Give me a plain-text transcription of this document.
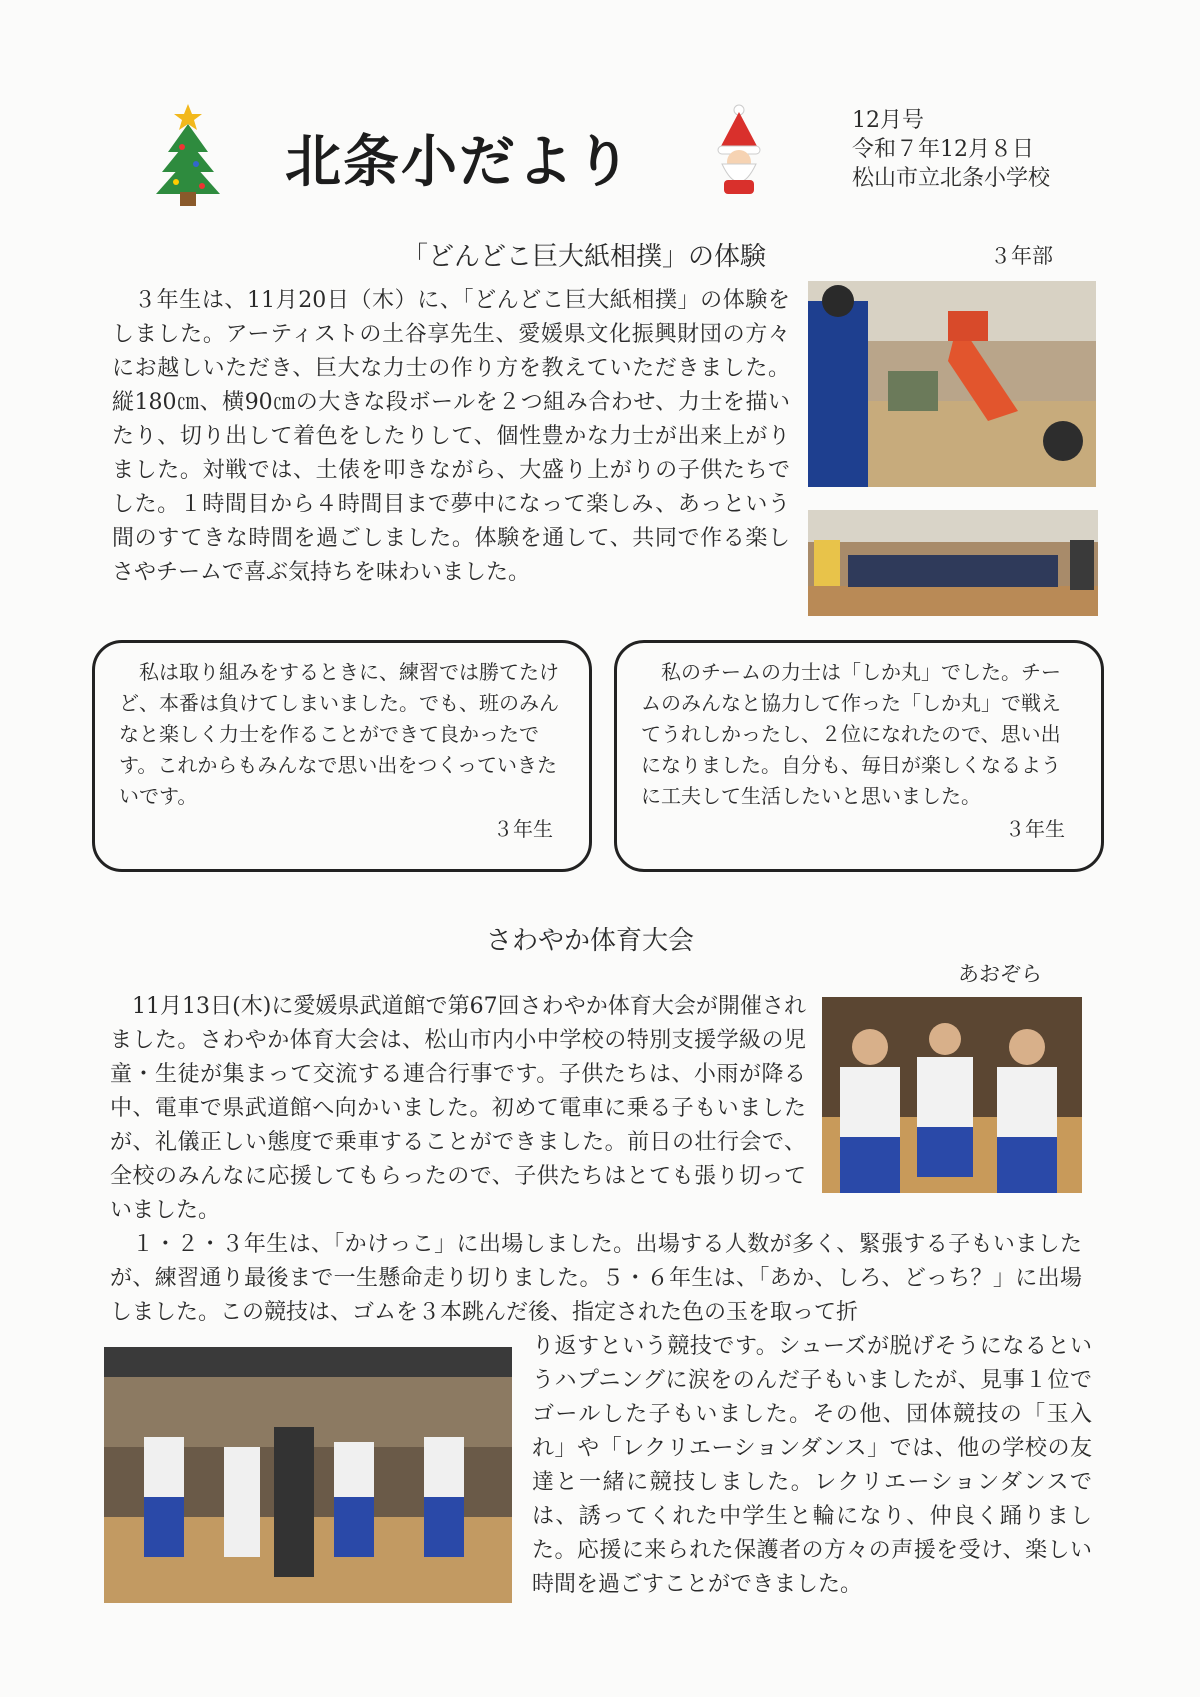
北条小だより
12月号
令和７年12月８日
松山市立北条小学校
「どんどこ巨大紙相撲」の体験	３年部

３年生は、11月20日（木）に、「どんどこ巨大紙相撲」の体験をしました。アーティストの土谷享先生、愛媛県文化振興財団の方々にお越しいただき、巨大な力士の作り方を教えていただきました。縦180㎝、横90㎝の大きな段ボールを２つ組み合わせ、力士を描いたり、切り出して着色をしたりして、個性豊かな力士が出来上がりました。対戦では、土俵を叩きながら、大盛り上がりの子供たちでした。１時間目から４時間目まで夢中になって楽しみ、あっという間のすてきな時間を過ごしました。体験を通して、共同で作る楽しさやチームで喜ぶ気持ちを味わいました。

私は取り組みをするときに、練習では勝てたけど、本番は負けてしまいました。でも、班のみんなと楽しく力士を作ることができて良かったです。これからもみんなで思い出をつくっていきたいです。
３年生
私のチームの力士は「しか丸」でした。チームのみんなと協力して作った「しか丸」で戦えてうれしかったし、２位になれたので、思い出になりました。自分も、毎日が楽しくなるように工夫して生活したいと思いました。
３年生
さわやか体育大会
あおぞら

11月13日(木)に愛媛県武道館で第67回さわやか体育大会が開催されました。さわやか体育大会は、松山市内小中学校の特別支援学級の児童・生徒が集まって交流する連合行事です。子供たちは、小雨が降る中、電車で県武道館へ向かいました。初めて電車に乗る子もいましたが、礼儀正しい態度で乗車することができました。前日の壮行会で、全校のみんなに応援してもらったので、子供たちはとても張り切っていました。

１・２・３年生は、「かけっこ」に出場しました。出場する人数が多く、緊張する子もいましたが、練習通り最後まで一生懸命走り切りました。５・６年生は、「あか、しろ、どっち？」に出場しました。この競技は、ゴムを３本跳んだ後、指定された色の玉を取って折

り返すという競技です。シューズが脱げそうになるというハプニングに涙をのんだ子もいましたが、見事１位でゴールした子もいました。その他、団体競技の「玉入れ」や「レクリエーションダンス」では、他の学校の友達と一緒に競技しました。レクリエーションダンスでは、誘ってくれた中学生と輪になり、仲良く踊りました。応援に来られた保護者の方々の声援を受け、楽しい時間を過ごすことができました。
